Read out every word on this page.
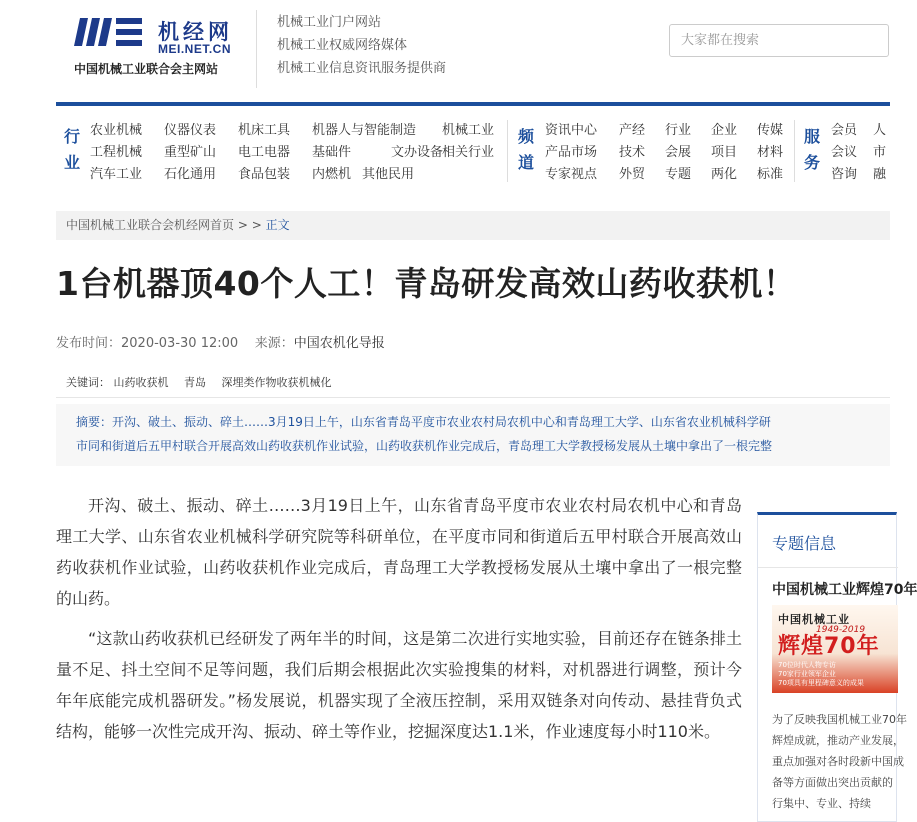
机经网
MEI.NET.CN
中国机械工业联合会主网站
机械工业门户网站
机械工业权威网络媒体
机械工业信息资讯服务提供商
大家都在搜索
行业
农业机械
工程机械
汽车工业
仪器仪表
重型矿山
石化通用
机床工具
电工电器
食品包装
机器人与智能制造
基础件
内燃机 其他民用
文办设备
机械工业
相关行业
频道
资讯中心
产品市场
专家视点
产经
技术
外贸
行业
会展
专题
企业
项目
两化
传媒
材料
标准
服务
会员
会议
咨询
人
市
融
中国机械工业联合会机经网首页 > > 正文
1台机器顶40个人工！青岛研发高效山药收获机！
发布时间：2020-03-30 12:00 来源：中国农机化导报
关键词： 山药收获机 青岛 深埋类作物收获机械化
摘要：开沟、破土、振动、碎土……3月19日上午，山东省青岛平度市农业农村局农机中心和青岛理工大学、山东省农业机械科学研
市同和街道后五甲村联合开展高效山药收获机作业试验，山药收获机作业完成后，青岛理工大学教授杨发展从土壤中拿出了一根完整

开沟、破土、振动、碎土……3月19日上午，山东省青岛平度市农业农村局农机中心和青岛理工大学、山东省农业机械科学研究院等科研单位，在平度市同和街道后五甲村联合开展高效山药收获机作业试验，山药收获机作业完成后，青岛理工大学教授杨发展从土壤中拿出了一根完整的山药。

“这款山药收获机已经研发了两年半的时间，这是第二次进行实地实验，目前还存在链条排土量不足、抖土空间不足等问题，我们后期会根据此次实验搜集的材料，对机器进行调整，预计今年年底能完成机器研发。”杨发展说，机器实现了全液压控制，采用双链条对向传动、悬挂背负式结构，能够一次性完成开沟、振动、碎土等作业，挖掘深度达1.1米，作业速度每小时110米。

专题信息
中国机械工业辉煌70年
中国机械工业
辉煌70年
1949-2019
70位时代人物专访
70家行业领军企业
70项具有里程碑意义的成果
为了反映我国机械工业70年
辉煌成就，推动产业发展，
重点加强对各时段新中国成
备等方面做出突出贡献的
行集中、专业、持续
